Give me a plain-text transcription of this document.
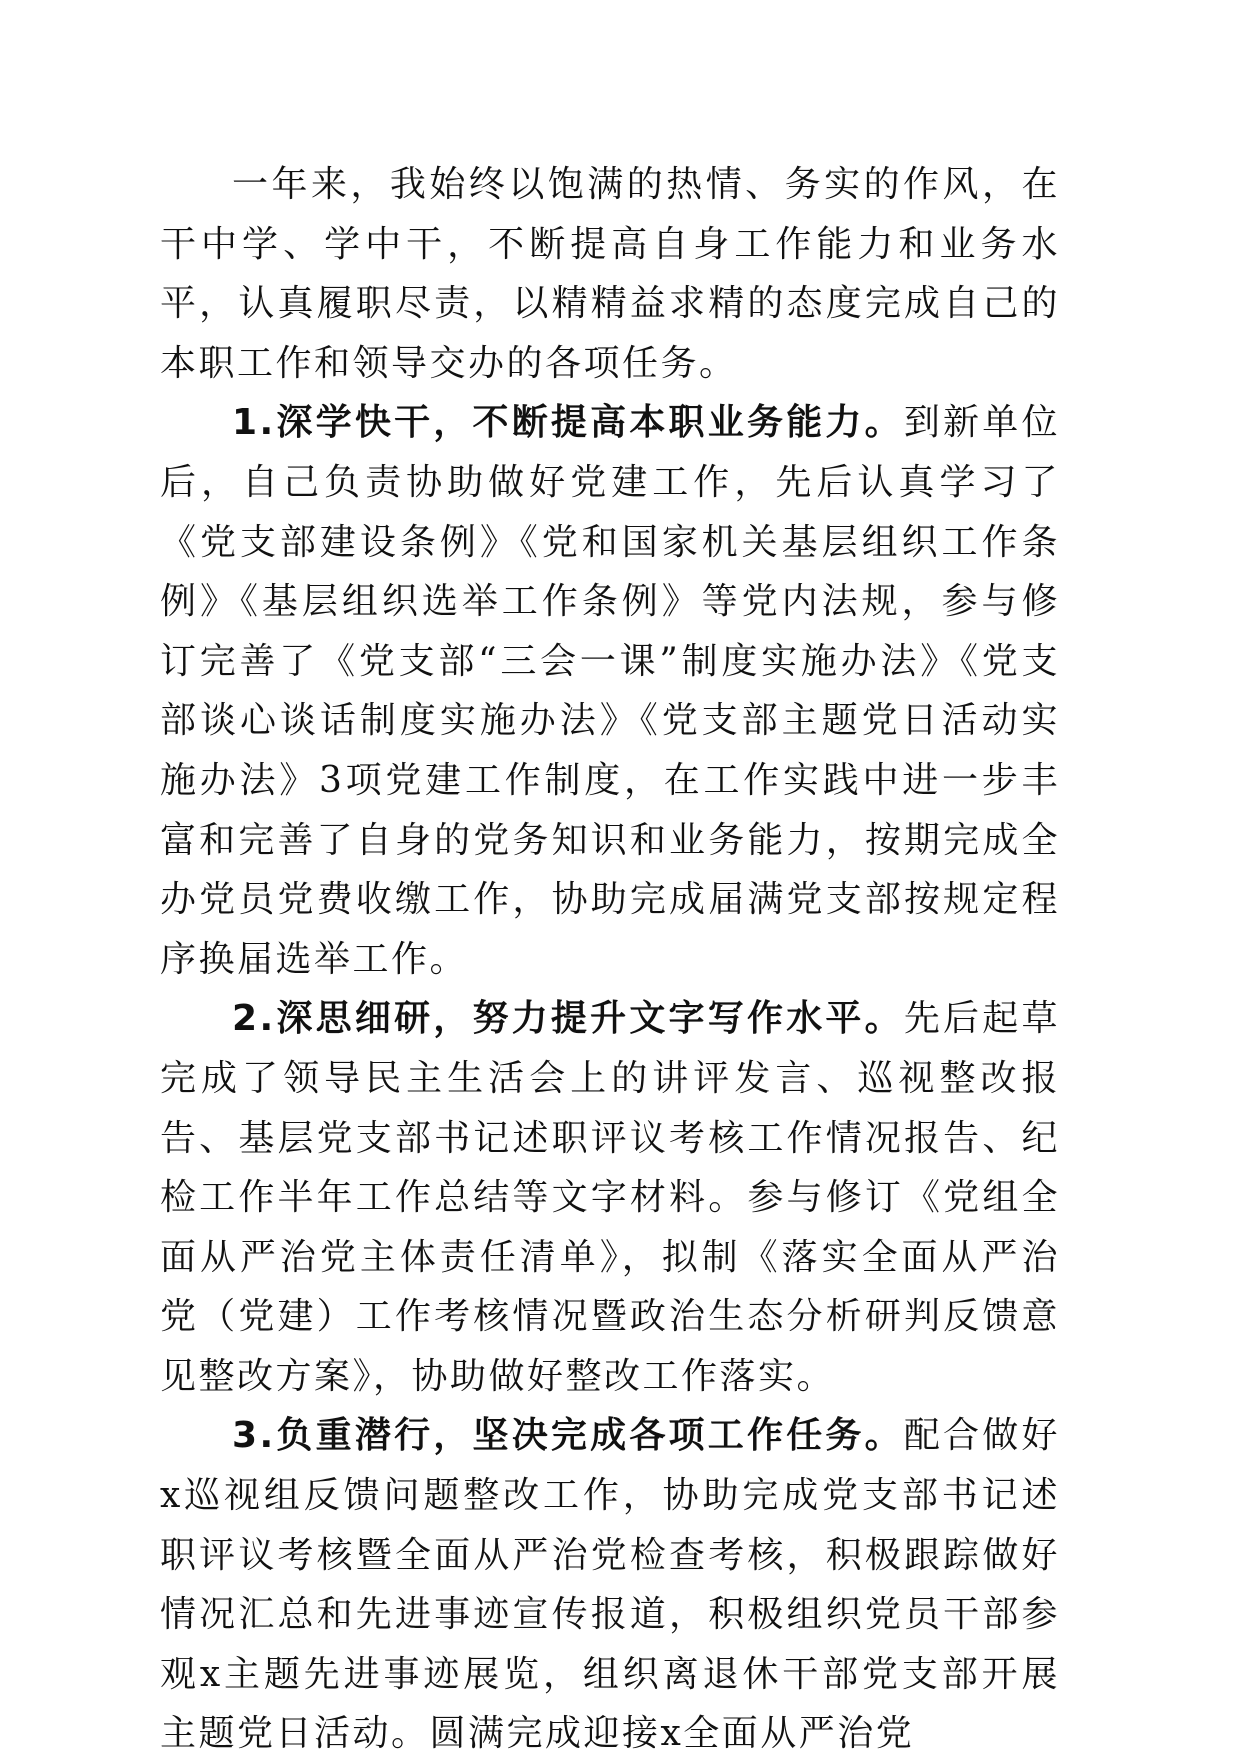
一年来，我始终以饱满的热情、务实的作风，在干中学、学中干，不断提高自身工作能力和业务水平，认真履职尽责，以精精益求精的态度完成自己的本职工作和领导交办的各项任务。

1.深学快干，不断提高本职业务能力。到新单位后，自己负责协助做好党建工作，先后认真学习了《党支部建设条例》《党和国家机关基层组织工作条例》《基层组织选举工作条例》等党内法规，参与修订完善了《党支部“三会一课”制度实施办法》《党支部谈心谈话制度实施办法》《党支部主题党日活动实施办法》3项党建工作制度，在工作实践中进一步丰富和完善了自身的党务知识和业务能力，按期完成全办党员党费收缴工作，协助完成届满党支部按规定程序换届选举工作。

2.深思细研，努力提升文字写作水平。先后起草完成了领导民主生活会上的讲评发言、巡视整改报告、基层党支部书记述职评议考核工作情况报告、纪检工作半年工作总结等文字材料。参与修订《党组全面从严治党主体责任清单》，拟制《落实全面从严治党（党建）工作考核情况暨政治生态分析研判反馈意见整改方案》，协助做好整改工作落实。

3.负重潜行，坚决完成各项工作任务。配合做好x巡视组反馈问题整改工作，协助完成党支部书记述职评议考核暨全面从严治党检查考核，积极跟踪做好情况汇总和先进事迹宣传报道，积极组织党员干部参观x主题先进事迹展览，组织离退休干部党支部开展主题党日活动。圆满完成迎接x全面从严治党
